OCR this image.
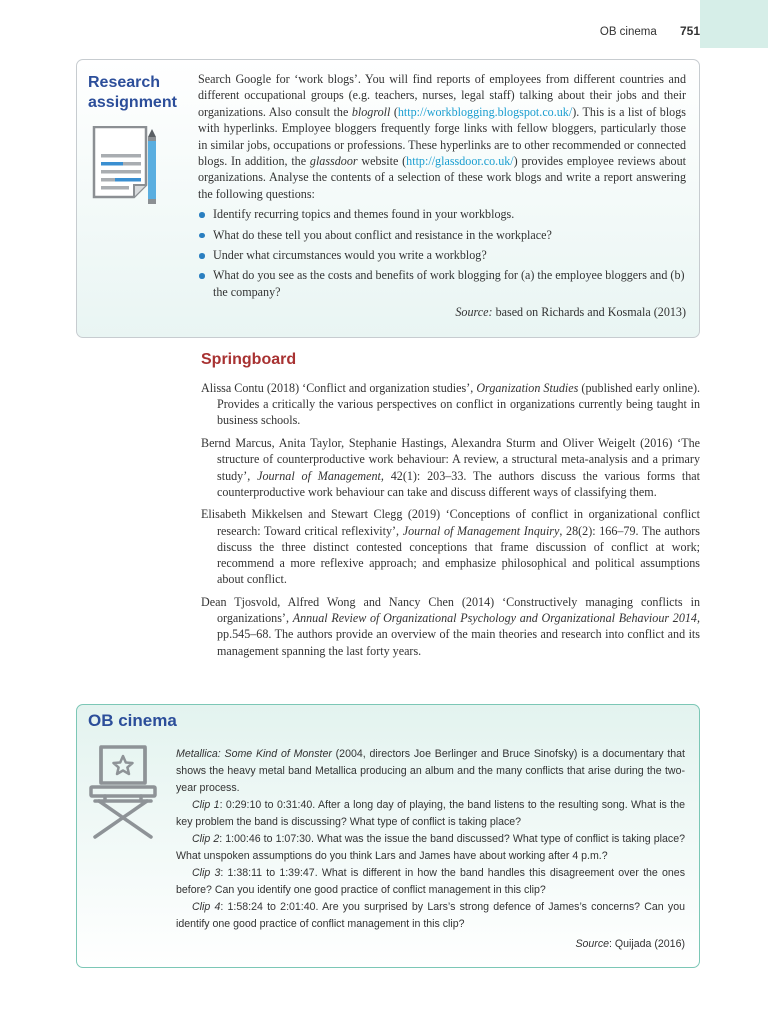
OB cinema 751
Research
assignment

Search Google for ‘work blogs’. You will find reports of employees from different countries and different occupational groups (e.g. teachers, nurses, legal staff) talking about their jobs and their organizations. Also consult the blogroll (http://workblogging.blogspot.co.uk/). This is a list of blogs with hyperlinks. Employee bloggers frequently forge links with fellow bloggers, particularly those in similar jobs, occupations or professions. These hyperlinks are to other recommended or connected blogs. In addition, the glassdoor website (http://glassdoor.co.uk/) provides employee reviews about organizations. Analyse the contents of a selection of these work blogs and write a report answering the following questions:

Identify recurring topics and themes found in your workblogs.
What do these tell you about conflict and resistance in the workplace?
Under what circumstances would you write a workblog?
What do you see as the costs and benefits of work blogging for (a) the employee bloggers and (b) the company?
Source: based on Richards and Kosmala (2013)
Springboard
Alissa Contu (2018) ‘Conflict and organization studies’, Organization Studies (published early online). Provides a critically the various perspectives on conflict in organizations currently being taught in business schools.
Bernd Marcus, Anita Taylor, Stephanie Hastings, Alexandra Sturm and Oliver Weigelt (2016) ‘The structure of counterproductive work behaviour: A review, a structural meta-analysis and a primary study’, Journal of Management, 42(1): 203–33. The authors discuss the various forms that counterproductive work behaviour can take and discuss different ways of classifying them.
Elisabeth Mikkelsen and Stewart Clegg (2019) ‘Conceptions of conflict in organizational conflict research: Toward critical reflexivity’, Journal of Management Inquiry, 28(2): 166–79. The authors discuss the three distinct contested conceptions that frame discussion of conflict at work; recommend a more reflexive approach; and emphasize philosophical and political assumptions about conflict.
Dean Tjosvold, Alfred Wong and Nancy Chen (2014) ‘Constructively managing conflicts in organizations’, Annual Review of Organizational Psychology and Organizational Behaviour 2014, pp.545–68. The authors provide an overview of the main theories and research into conflict and its management spanning the last forty years.
OB cinema

Metallica: Some Kind of Monster (2004, directors Joe Berlinger and Bruce Sinofsky) is a documentary that shows the heavy metal band Metallica producing an album and the many conflicts that arise during the two-year process.

Clip 1: 0:29:10 to 0:31:40. After a long day of playing, the band listens to the resulting song. What is the key problem the band is discussing? What type of conflict is taking place?

Clip 2: 1:00:46 to 1:07:30. What was the issue the band discussed? What type of conflict is taking place? What unspoken assumptions do you think Lars and James have about working after 4 p.m.?

Clip 3: 1:38:11 to 1:39:47. What is different in how the band handles this disagreement over the ones before? Can you identify one good practice of conflict management in this clip?

Clip 4: 1:58:24 to 2:01:40. Are you surprised by Lars’s strong defence of James’s concerns? Can you identify one good practice of conflict management in this clip?

Source: Quijada (2016)
